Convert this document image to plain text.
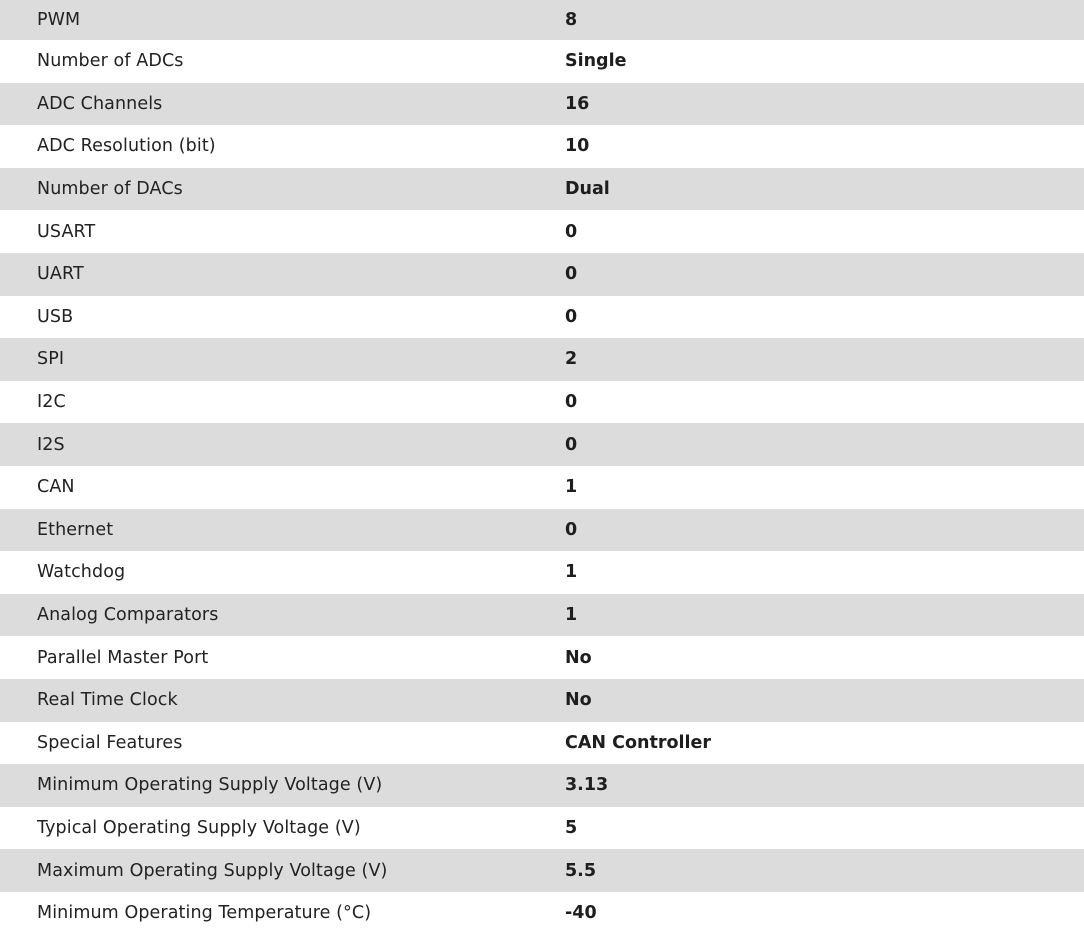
PWM	8
Number of ADCs	Single
ADC Channels	16
ADC Resolution (bit)	10
Number of DACs	Dual
USART	0
UART	0
USB	0
SPI	2
I2C	0
I2S	0
CAN	1
Ethernet	0
Watchdog	1
Analog Comparators	1
Parallel Master Port	No
Real Time Clock	No
Special Features	CAN Controller
Minimum Operating Supply Voltage (V)	3.13
Typical Operating Supply Voltage (V)	5
Maximum Operating Supply Voltage (V)	5.5
Minimum Operating Temperature (°C)	-40
